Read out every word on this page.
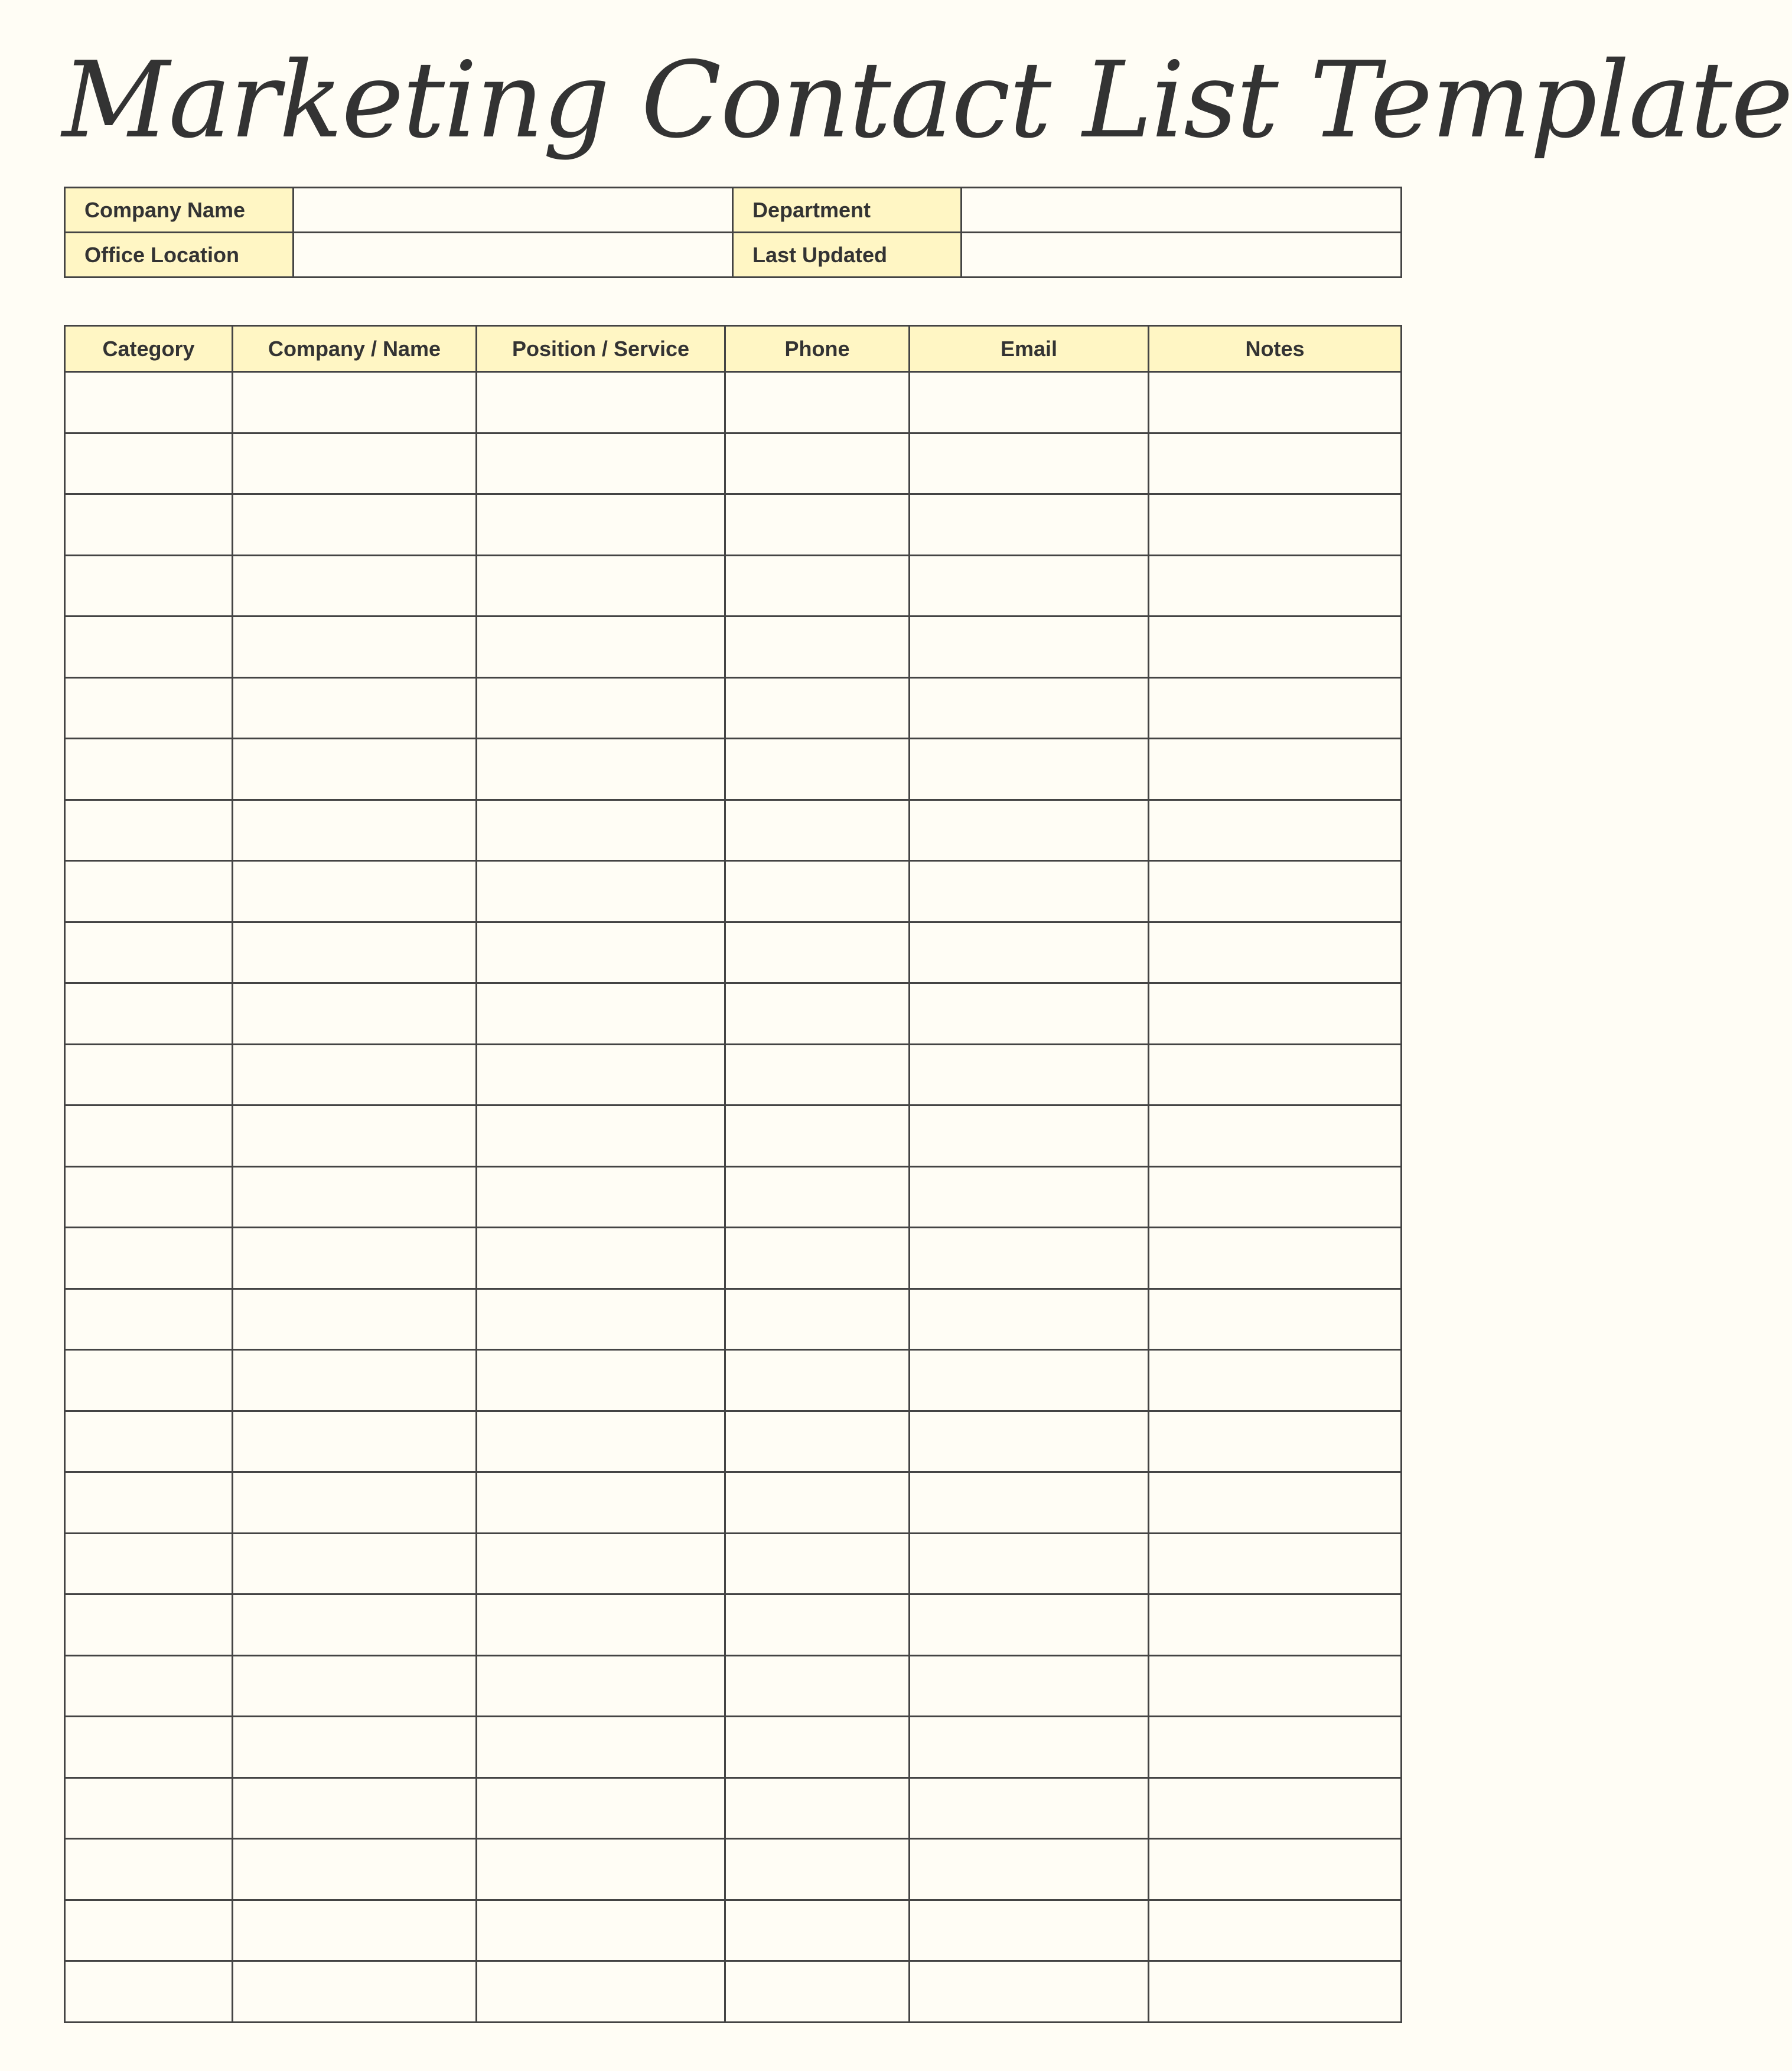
Marketing Contact List Template
Company Name		Department	
Office Location		Last Updated	
Category	Company / Name	Position / Service	Phone	Email	Notes
